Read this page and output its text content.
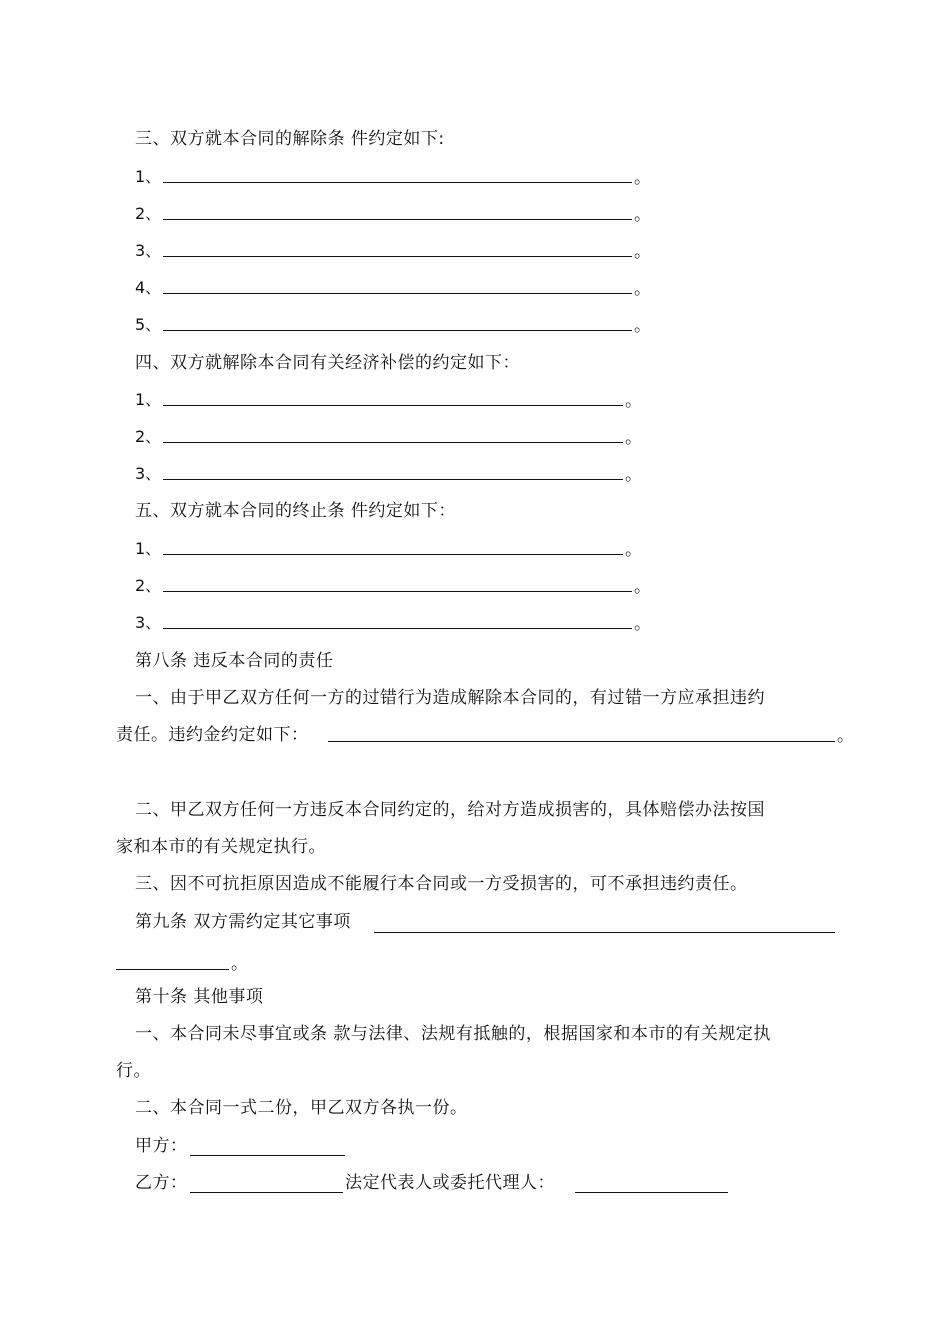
三、双方就本合同的解除条 件约定如下:
1、	。
2、	。
3、	。
4、	。
5、	。
四、双方就解除本合同有关经济补偿的约定如下：
1、	。
2、	。
3、	。
五、双方就本合同的终止条 件约定如下：
1、	。
2、	。
3、	。
第八条 违反本合同的责任
一、由于甲乙双方任何一方的过错行为造成解除本合同的，有过错一方应承担违约
责任。违约金约定如下：	。
二、甲乙双方任何一方违反本合同约定的，给对方造成损害的，具体赔偿办法按国
家和本市的有关规定执行。
三、因不可抗拒原因造成不能履行本合同或一方受损害的，可不承担违约责任。
第九条 双方需约定其它事项
。
第十条 其他事项
一、本合同未尽事宜或条 款与法律、法规有抵触的，根据国家和本市的有关规定执
行。
二、本合同一式二份，甲乙双方各执一份。
甲方：
乙方：	法定代表人或委托代理人：
